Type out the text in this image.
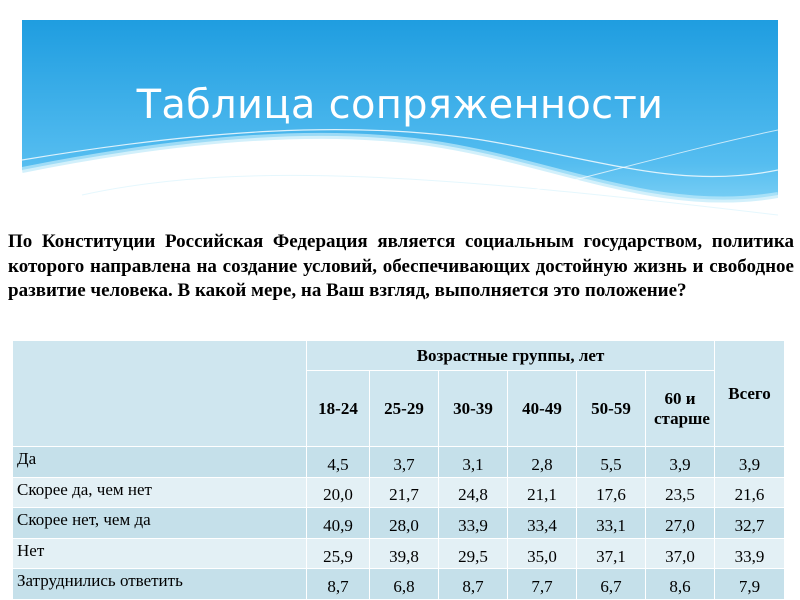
Таблица сопряженности
По Конституции Российская Федерация является социальным государством, политика которого направлена на создание условий, обеспечивающих достойную жизнь и свободное развитие человека. В какой мере, на Ваш взгляд, выполняется это положение?
	Возрастные группы, лет						Всего
	18-24	25-29	30-39	40-49	50-59	60 и старше	
Да	4,5	3,7	3,1	2,8	5,5	3,9	3,9
Скорее да, чем нет	20,0	21,7	24,8	21,1	17,6	23,5	21,6
Скорее нет, чем да	40,9	28,0	33,9	33,4	33,1	27,0	32,7
Нет	25,9	39,8	29,5	35,0	37,1	37,0	33,9
Затруднились ответить	8,7	6,8	8,7	7,7	6,7	8,6	7,9
